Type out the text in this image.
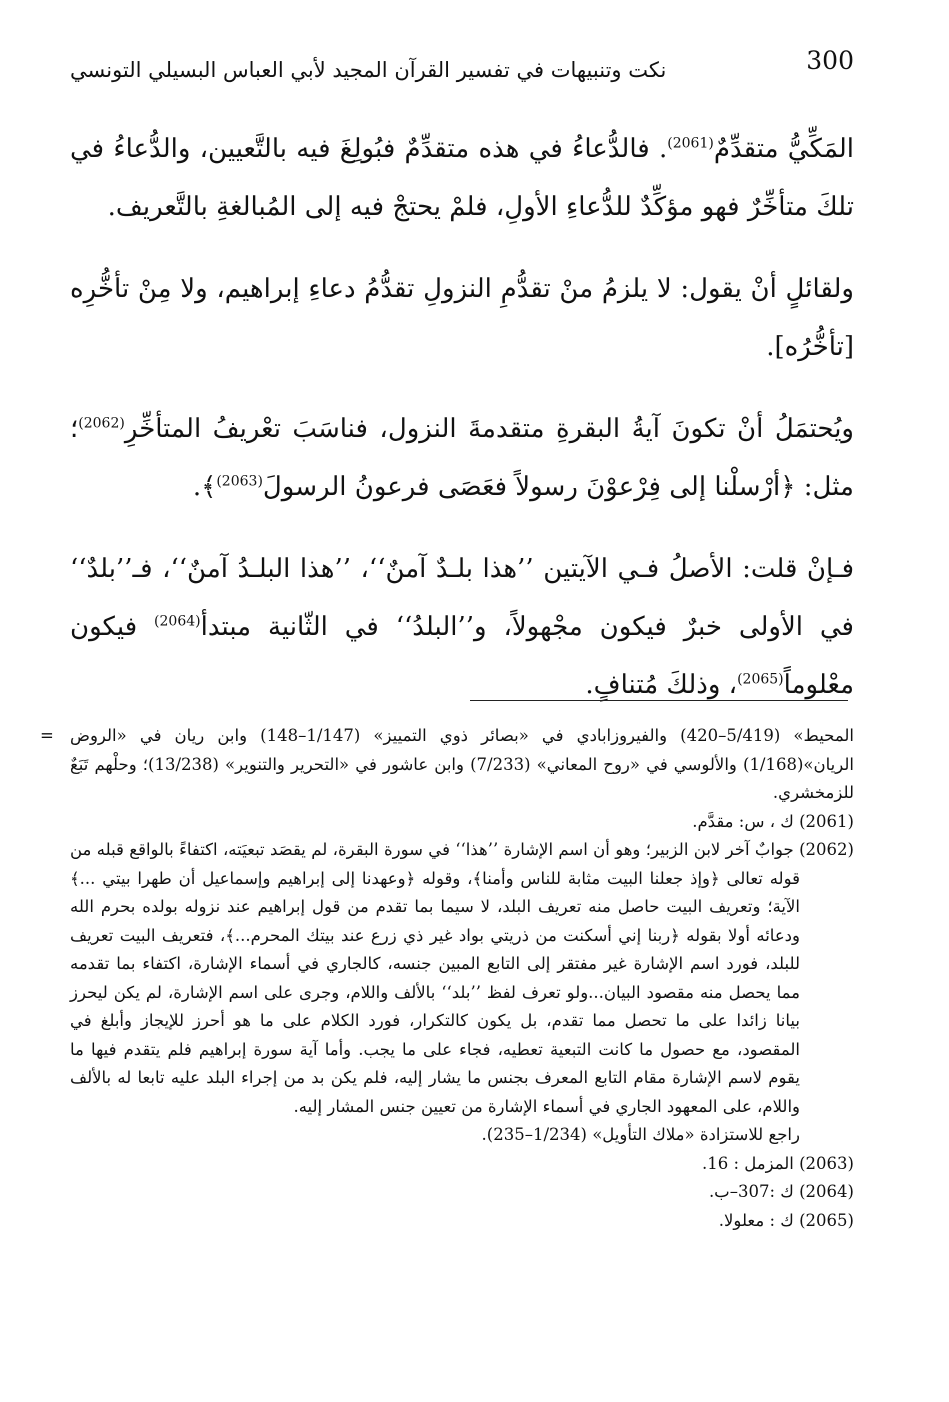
300
نكت وتنبيهات في تفسير القرآن المجيد لأبي العباس البسيلي التونسي

المَكِّيُّ متقدِّمٌ$^{(2061)}$. فالدُّعاءُ في هذه متقدِّمٌ فبُولِغَ فيه بالتَّعيين، والدُّعاءُ في تلكَ متأخِّرٌ فهو مؤكِّدٌ للدُّعاءِ الأولِ، فلمْ يحتجْ فيه إلى المُبالغةِ بالتَّعريف.

ولقائلٍ أنْ يقول: لا يلزمُ منْ تقدُّمِ النزولِ تقدُّمُ دعاءِ إبراهيم، ولا مِنْ تأخُّرِه [تأخُّرُه].

ويُحتمَلُ أنْ تكونَ آيةُ البقرةِ متقدمةَ النزول، فناسَبَ تعْريفُ المتأخِّرِ$^{(2062)}$؛ مثل: ﴿أرْسلْنا إلى فِرْعوْنَ رسولاً فعَصَى فرعونُ الرسولَ$^{(2063)}$﴾.

فـإنْ قلت: الأصلُ فـي الآيتين ’’هذا بلـدٌ آمنٌ‘‘، ’’هذا البلـدُ آمنٌ‘‘، فـ’’بلدٌ‘‘ في الأولى خبرٌ فيكون مجْهولاً، و’’البلدُ‘‘ في الثّانية مبتدأ$^{(2064)}$ فيكون معْلوماً$^{(2065)}$، وذلكَ مُتنافٍ.

= المحيط» (5/419–420) والفيروزابادي في «بصائر ذوي التمييز» (1/147–148) وابن ريان في «الروض الريان»(1/168) والألوسي في «روح المعاني» (7/233) وابن عاشور في «التحرير والتنوير» (13/238)؛ وحلْهم تَبَعٌ للزمخشري.

(2061) ك ، س: مقدَّم.

(2062) جوابٌ آخر لابن الزبير؛ وهو أن اسم الإشارة ’’هذا‘‘ في سورة البقرة، لم يقصَد تبعيَته، اكتفاءً بالواقع قبله من قوله تعالى ﴿وإذ جعلنا البيت مثابة للناس وأمنا﴾، وقوله ﴿وعهدنا إلى إبراهيم وإسماعيل أن طهرا بيتي ...﴾ الآية؛ وتعريف البيت حاصل منه تعريف البلد، لا سيما بما تقدم من قول إبراهيم عند نزوله بولده بحرم الله ودعائه أولا بقوله ﴿ربنا إني أسكنت من ذريتي بواد غير ذي زرع عند بيتك المحرم...﴾، فتعريف البيت تعريف للبلد، فورد اسم الإشارة غير مفتقر إلى التابع المبين جنسه، كالجاري في أسماء الإشارة، اكتفاء بما تقدمه مما يحصل منه مقصود البيان...ولو تعرف لفظ ’’بلد‘‘ بالألف واللام، وجرى على اسم الإشارة، لم يكن ليحرز بيانا زائدا على ما تحصل مما تقدم، بل يكون كالتكرار، فورد الكلام على ما هو أحرز للإيجاز وأبلغ في المقصود، مع حصول ما كانت التبعية تعطيه، فجاء على ما يجب. وأما آية سورة إبراهيم فلم يتقدم فيها ما يقوم لاسم الإشارة مقام التابع المعرف بجنس ما يشار إليه، فلم يكن بد من إجراء البلد عليه تابعا له بالألف واللام، على المعهود الجاري في أسماء الإشارة من تعيين جنس المشار إليه.

راجع للاستزادة «ملاك التأويل» (1/234–235).

(2063) المزمل : 16.

(2064) ك :307–ب.

(2065) ك : معلولا.
